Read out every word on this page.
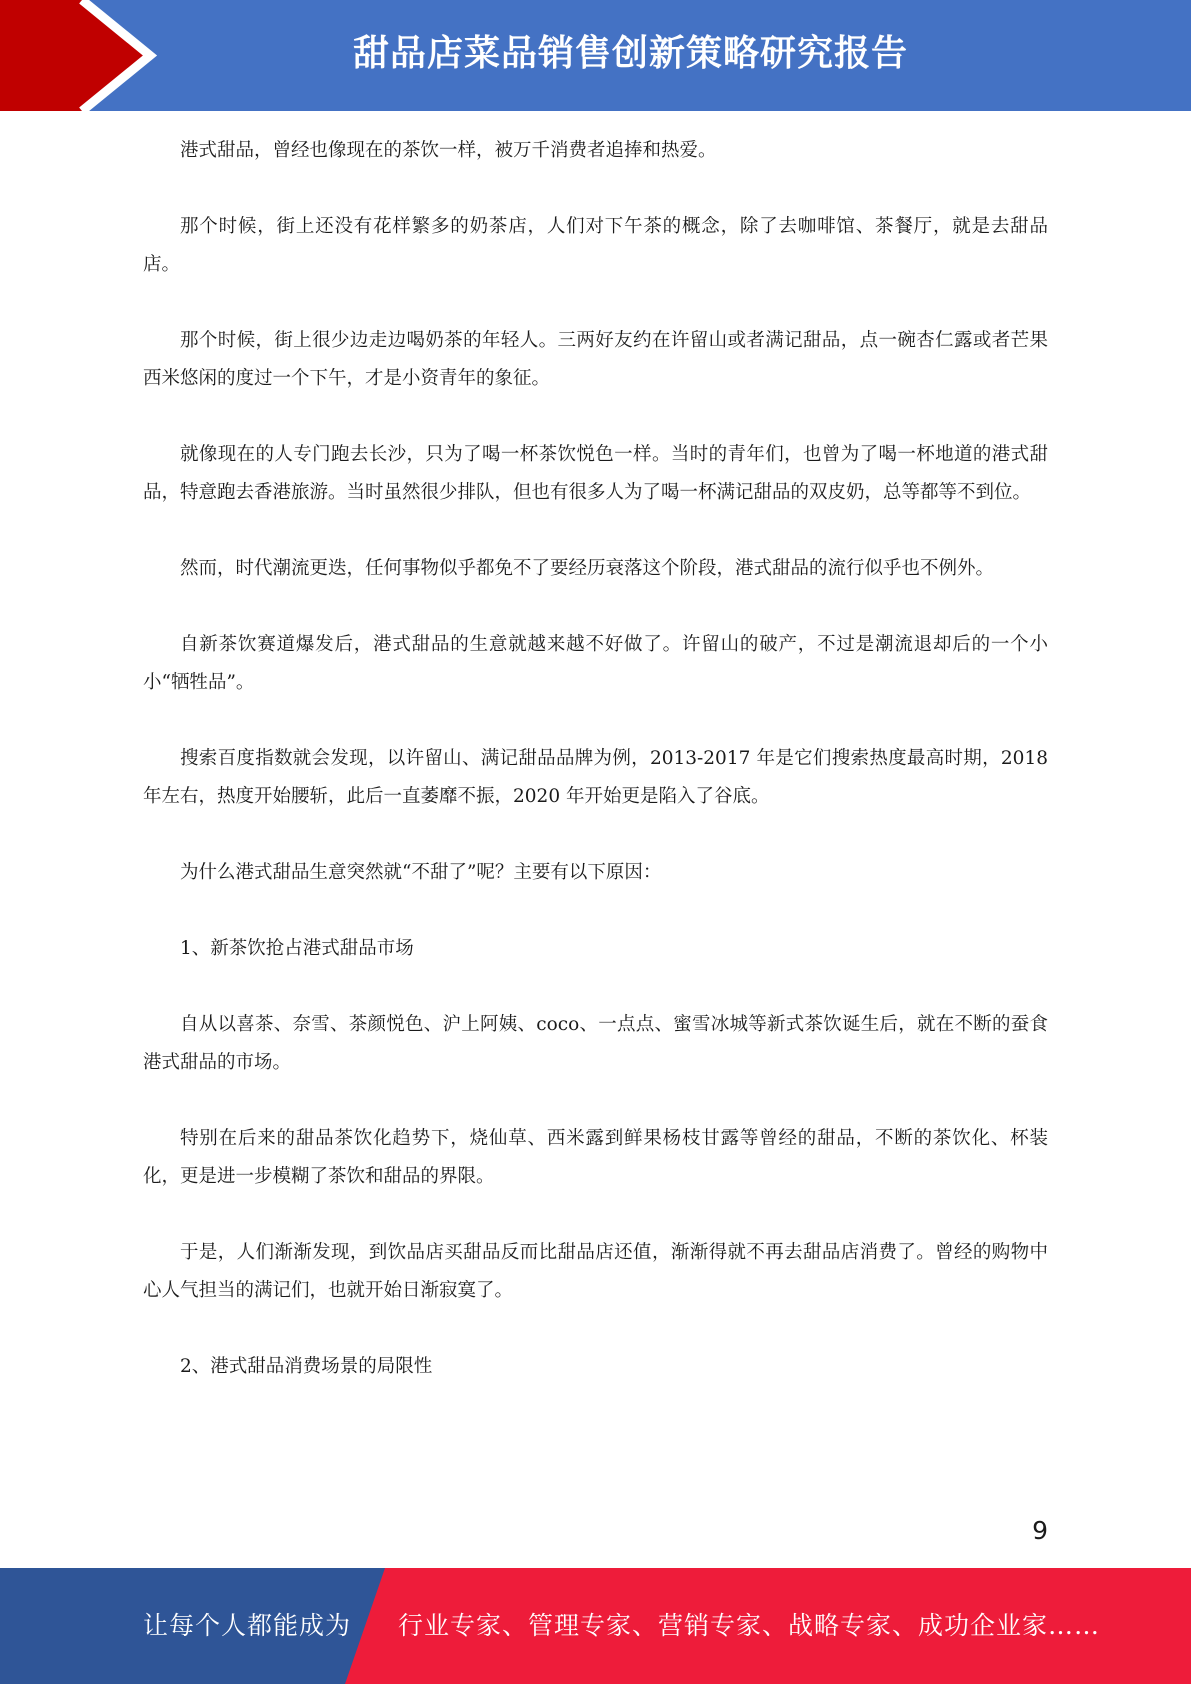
甜品店菜品销售创新策略研究报告

港式甜品，曾经也像现在的茶饮一样，被万千消费者追捧和热爱。

那个时候，街上还没有花样繁多的奶茶店，人们对下午茶的概念，除了去咖啡馆、茶餐厅，就是去甜品店。

那个时候，街上很少边走边喝奶茶的年轻人。三两好友约在许留山或者满记甜品，点一碗杏仁露或者芒果西米悠闲的度过一个下午，才是小资青年的象征。

就像现在的人专门跑去长沙，只为了喝一杯茶饮悦色一样。当时的青年们，也曾为了喝一杯地道的港式甜品，特意跑去香港旅游。当时虽然很少排队，但也有很多人为了喝一杯满记甜品的双皮奶，总等都等不到位。

然而，时代潮流更迭，任何事物似乎都免不了要经历衰落这个阶段，港式甜品的流行似乎也不例外。

自新茶饮赛道爆发后，港式甜品的生意就越来越不好做了。许留山的破产，不过是潮流退却后的一个小小“牺牲品”。

搜索百度指数就会发现，以许留山、满记甜品品牌为例，2013-2017 年是它们搜索热度最高时期，2018 年左右，热度开始腰斩，此后一直萎靡不振，2020 年开始更是陷入了谷底。

为什么港式甜品生意突然就“不甜了”呢？主要有以下原因：

1、新茶饮抢占港式甜品市场

自从以喜茶、奈雪、茶颜悦色、沪上阿姨、coco、一点点、蜜雪冰城等新式茶饮诞生后，就在不断的蚕食港式甜品的市场。

特别在后来的甜品茶饮化趋势下，烧仙草、西米露到鲜果杨枝甘露等曾经的甜品，不断的茶饮化、杯装化，更是进一步模糊了茶饮和甜品的界限。

于是，人们渐渐发现，到饮品店买甜品反而比甜品店还值，渐渐得就不再去甜品店消费了。曾经的购物中心人气担当的满记们，也就开始日渐寂寞了。

2、港式甜品消费场景的局限性

9
让每个人都能成为 行业专家、管理专家、营销专家、战略专家、成功企业家……
